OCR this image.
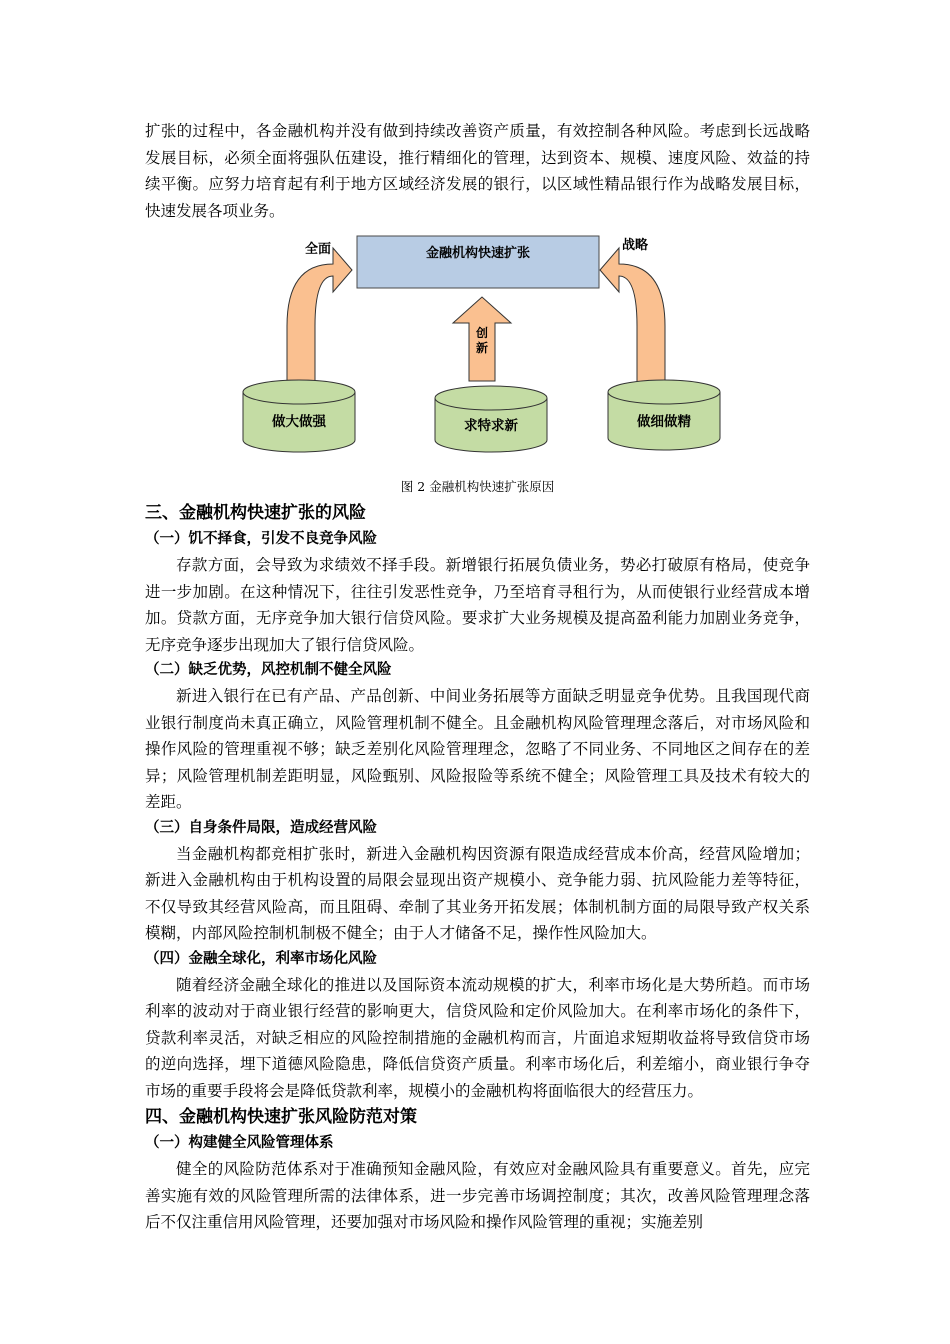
扩张的过程中，各金融机构并没有做到持续改善资产质量，有效控制各种风险。考虑到长远战略发展目标，必须全面将强队伍建设，推行精细化的管理，达到资本、规模、速度风险、效益的持续平衡。应努力培育起有利于地方区域经济发展的银行，以区域性精品银行作为战略发展目标，快速发展各项业务。

金融机构快速扩张
全面	战略
创
新
做大做强	求特求新	做细做精
图 2 金融机构快速扩张原因
三、金融机构快速扩张的风险
（一）饥不择食，引发不良竞争风险

存款方面，会导致为求绩效不择手段。新增银行拓展负债业务，势必打破原有格局，使竞争进一步加剧。在这种情况下，往往引发恶性竞争，乃至培育寻租行为，从而使银行业经营成本增加。贷款方面，无序竞争加大银行信贷风险。要求扩大业务规模及提高盈利能力加剧业务竞争，无序竞争逐步出现加大了银行信贷风险。

（二）缺乏优势，风控机制不健全风险

新进入银行在已有产品、产品创新、中间业务拓展等方面缺乏明显竞争优势。且我国现代商业银行制度尚未真正确立，风险管理机制不健全。且金融机构风险管理理念落后，对市场风险和操作风险的管理重视不够；缺乏差别化风险管理理念，忽略了不同业务、不同地区之间存在的差异；风险管理机制差距明显，风险甄别、风险报险等系统不健全；风险管理工具及技术有较大的差距。

（三）自身条件局限，造成经营风险

当金融机构都竞相扩张时，新进入金融机构因资源有限造成经营成本价高，经营风险增加；新进入金融机构由于机构设置的局限会显现出资产规模小、竞争能力弱、抗风险能力差等特征，不仅导致其经营风险高，而且阻碍、牵制了其业务开拓发展；体制机制方面的局限导致产权关系模糊，内部风险控制机制极不健全；由于人才储备不足，操作性风险加大。

（四）金融全球化，利率市场化风险

随着经济金融全球化的推进以及国际资本流动规模的扩大，利率市场化是大势所趋。而市场利率的波动对于商业银行经营的影响更大，信贷风险和定价风险加大。在利率市场化的条件下，贷款利率灵活，对缺乏相应的风险控制措施的金融机构而言，片面追求短期收益将导致信贷市场的逆向选择，埋下道德风险隐患，降低信贷资产质量。利率市场化后，利差缩小，商业银行争夺市场的重要手段将会是降低贷款利率，规模小的金融机构将面临很大的经营压力。

四、金融机构快速扩张风险防范对策
（一）构建健全风险管理体系

健全的风险防范体系对于准确预知金融风险，有效应对金融风险具有重要意义。首先，应完善实施有效的风险管理所需的法律体系，进一步完善市场调控制度；其次，改善风险管理理念落后不仅注重信用风险管理，还要加强对市场风险和操作风险管理的重视；实施差别
